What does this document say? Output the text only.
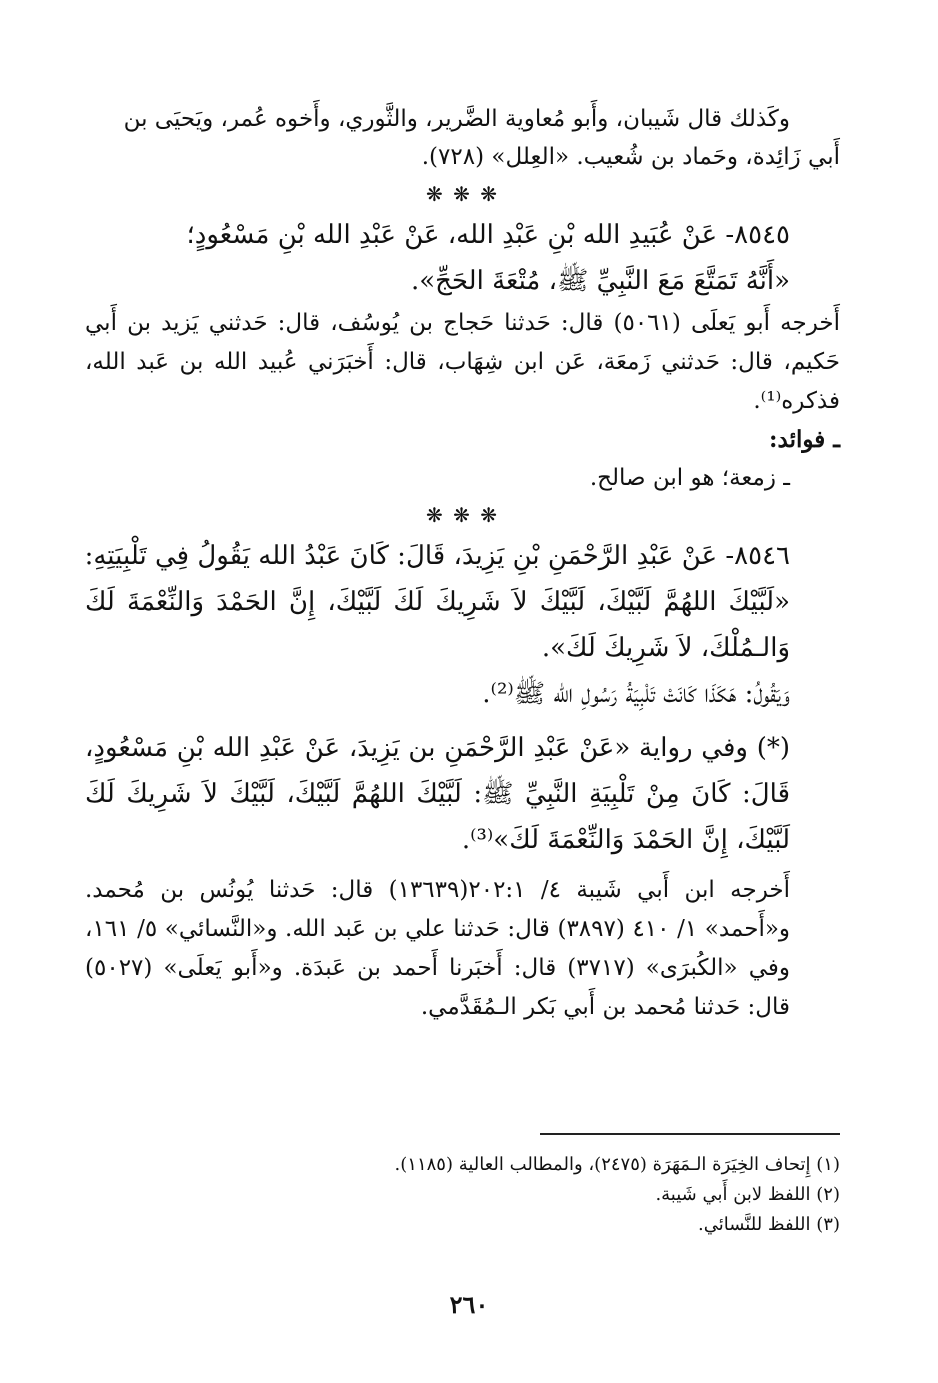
وكَذلك قال شَيبان، وأَبو مُعاوية الضَّرير، والثَّوري، وأَخوه عُمر، ويَحيَى بن
أَبي زَائِدة، وحَماد بن شُعيب. «العِلل» (٧٢٨).
❋ ❋ ❋
٨٥٤٥- عَنْ عُبَيدِ الله بْنِ عَبْدِ الله، عَنْ عَبْدِ الله بْنِ مَسْعُودٍ؛
«أَنَّهُ تَمَتَّعَ مَعَ النَّبِيِّ ﷺ، مُتْعَةَ الحَجِّ».
أَخرجه أَبو يَعلَى (٥٠٦١) قال: حَدثنا حَجاج بن يُوسُف، قال: حَدثني يَزيد بن أَبي حَكيم، قال: حَدثني زَمعَة، عَن ابن شِهَاب، قال: أَخبَرَني عُبيد الله بن عَبد الله، فذكره⁽¹⁾.
ـ فوائد:
ـ زمعة؛ هو ابن صالح.
❋ ❋ ❋
٨٥٤٦- عَنْ عَبْدِ الرَّحْمَنِ بْنِ يَزِيدَ، قَالَ: كَانَ عَبْدُ الله يَقُولُ فِي تَلْبِيَتِهِ:
«لَبَّيْكَ اللهُمَّ لَبَّيْكَ، لَبَّيْكَ لاَ شَرِيكَ لَكَ لَبَّيْكَ، إِنَّ الحَمْدَ وَالنِّعْمَةَ لَكَ وَالـمُلْكَ، لاَ شَرِيكَ لَكَ».
وَيَقُولُ: هَكَذَا كَانَتْ تَلْبِيَةُ رَسُولِ الله ﷺ⁽²⁾.
(*) وفي رواية «عَنْ عَبْدِ الرَّحْمَنِ بن يَزِيدَ، عَنْ عَبْدِ الله بْنِ مَسْعُودٍ، قَالَ: كَانَ مِنْ تَلْبِيَةِ النَّبِيِّ ﷺ: لَبَّيْكَ اللهُمَّ لَبَّيْكَ، لَبَّيْكَ لاَ شَرِيكَ لَكَ لَبَّيْكَ، إِنَّ الحَمْدَ وَالنِّعْمَةَ لَكَ»⁽³⁾.
أَخرجه ابن أَبي شَيبة ٤/ ٢٠٢:١(١٣٦٣٩) قال: حَدثنا يُونُس بن مُحمد. و«أَحمد» ١/ ٤١٠ (٣٨٩٧) قال: حَدثنا علي بن عَبد الله. و«النَّسائي» ٥/ ١٦١، وفي «الكُبرَى» (٣٧١٧) قال: أَخبَرنا أَحمد بن عَبدَة. و«أَبو يَعلَى» (٥٠٢٧) قال: حَدثنا مُحمد بن أَبي بَكر الـمُقَدَّمي.
(١) إِتحاف الخِيَرَة الـمَهَرَة (٢٤٧٥)، والمطالب العالية (١١٨٥).
(٢) اللفظ لابن أَبي شَيبة.
(٣) اللفظ للنَّسائي.
٢٦٠
